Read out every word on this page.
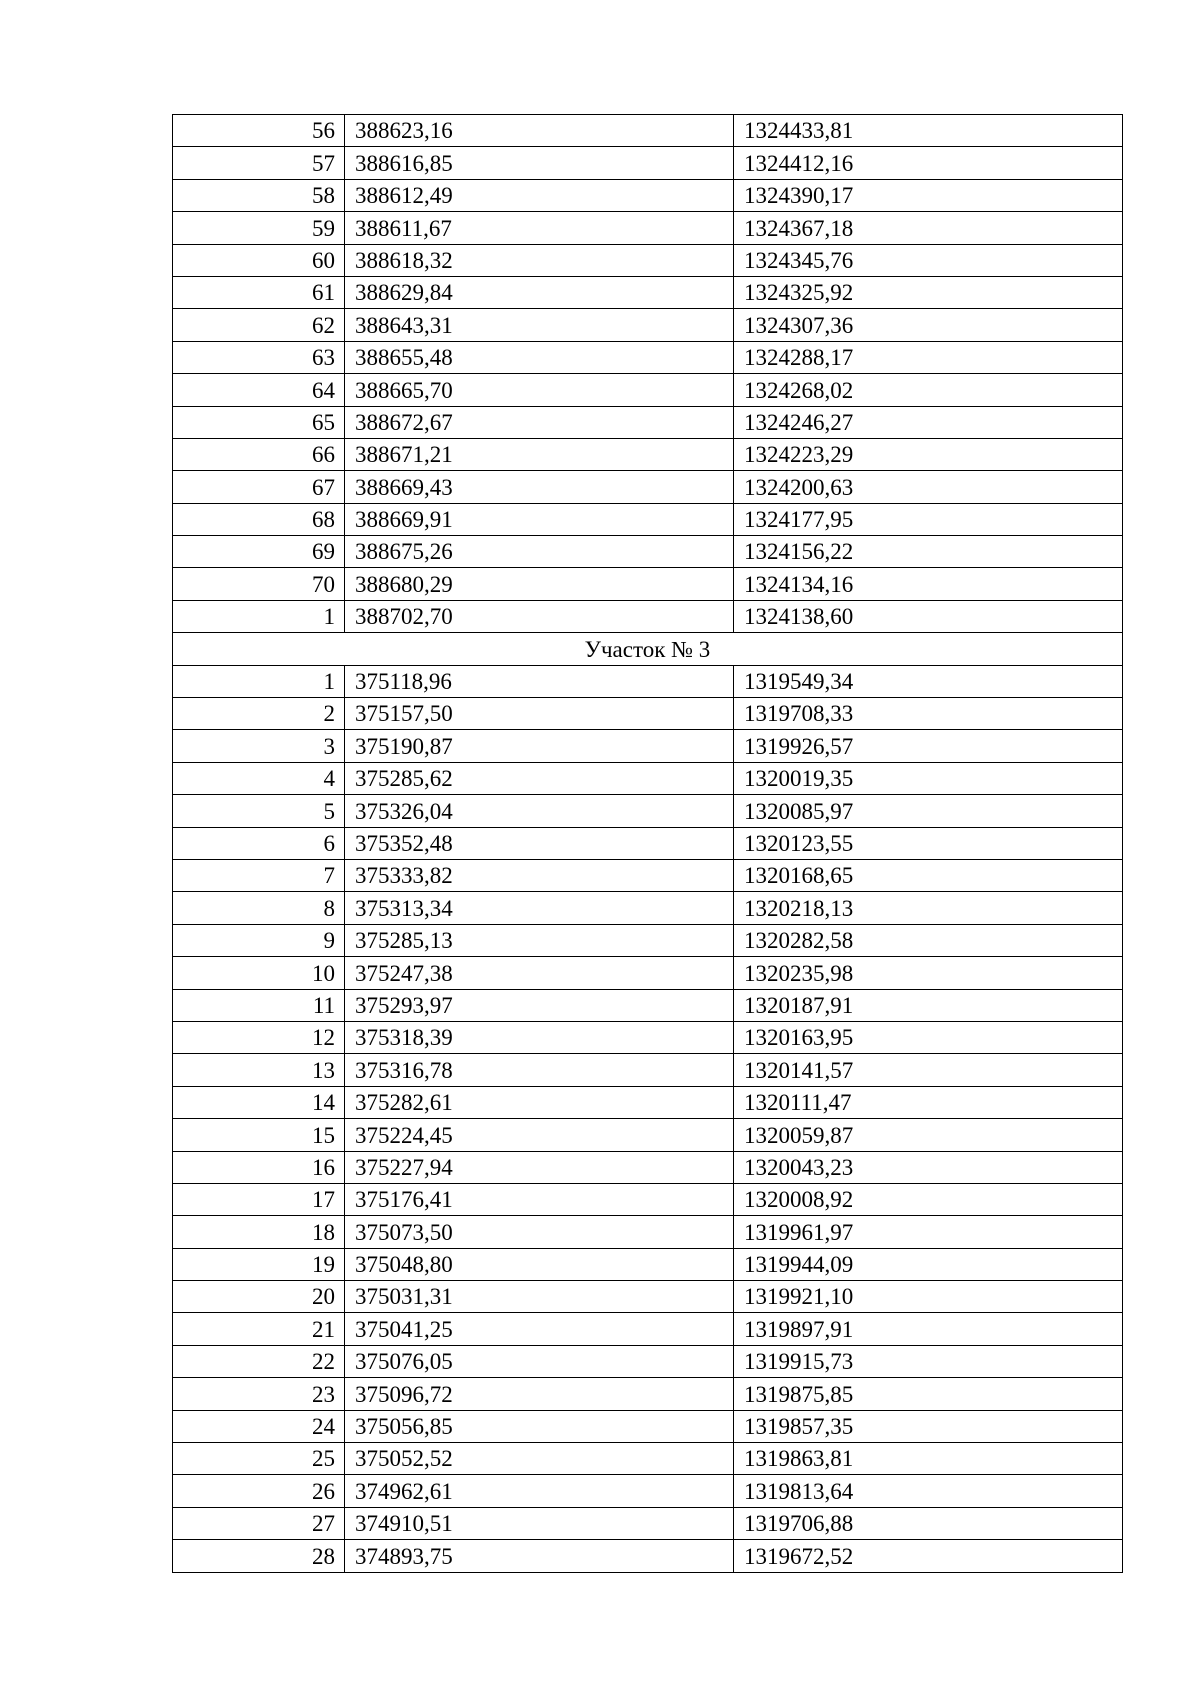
56	388623,16	1324433,81
57	388616,85	1324412,16
58	388612,49	1324390,17
59	388611,67	1324367,18
60	388618,32	1324345,76
61	388629,84	1324325,92
62	388643,31	1324307,36
63	388655,48	1324288,17
64	388665,70	1324268,02
65	388672,67	1324246,27
66	388671,21	1324223,29
67	388669,43	1324200,63
68	388669,91	1324177,95
69	388675,26	1324156,22
70	388680,29	1324134,16
1	388702,70	1324138,60
Участок № 3		
1	375118,96	1319549,34
2	375157,50	1319708,33
3	375190,87	1319926,57
4	375285,62	1320019,35
5	375326,04	1320085,97
6	375352,48	1320123,55
7	375333,82	1320168,65
8	375313,34	1320218,13
9	375285,13	1320282,58
10	375247,38	1320235,98
11	375293,97	1320187,91
12	375318,39	1320163,95
13	375316,78	1320141,57
14	375282,61	1320111,47
15	375224,45	1320059,87
16	375227,94	1320043,23
17	375176,41	1320008,92
18	375073,50	1319961,97
19	375048,80	1319944,09
20	375031,31	1319921,10
21	375041,25	1319897,91
22	375076,05	1319915,73
23	375096,72	1319875,85
24	375056,85	1319857,35
25	375052,52	1319863,81
26	374962,61	1319813,64
27	374910,51	1319706,88
28	374893,75	1319672,52
